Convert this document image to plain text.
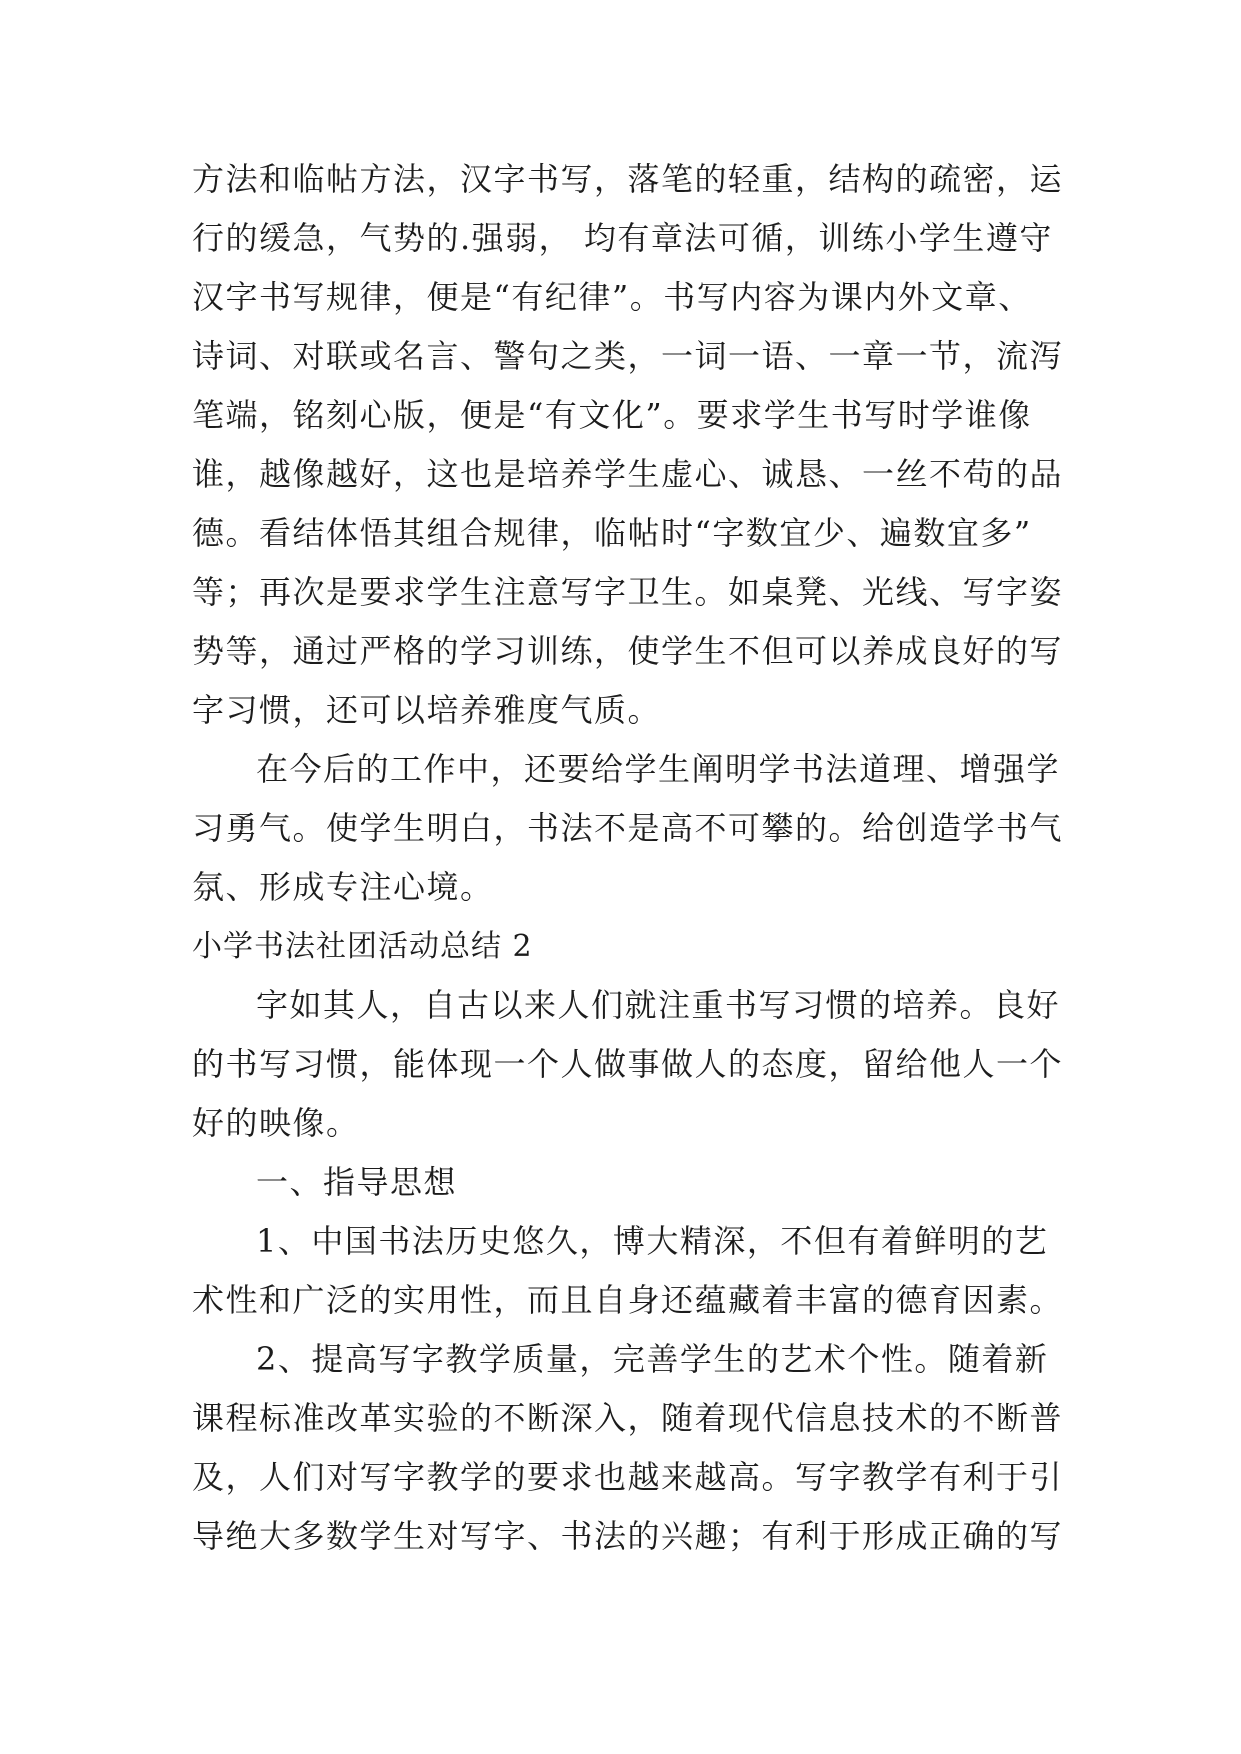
方法和临帖方法，汉字书写，落笔的轻重，结构的疏密，运
行的缓急，气势的.强弱， 均有章法可循，训练小学生遵守
汉字书写规律，便是“有纪律”。书写内容为课内外文章、
诗词、对联或名言、警句之类，一词一语、一章一节，流泻
笔端，铭刻心版，便是“有文化”。要求学生书写时学谁像
谁，越像越好，这也是培养学生虚心、诚恳、一丝不苟的品
德。看结体悟其组合规律，临帖时“字数宜少、遍数宜多”
等；再次是要求学生注意写字卫生。如桌凳、光线、写字姿
势等，通过严格的学习训练，使学生不但可以养成良好的写
字习惯，还可以培养雅度气质。
在今后的工作中，还要给学生阐明学书法道理、增强学
习勇气。使学生明白，书法不是高不可攀的。给创造学书气
氛、形成专注心境。
小学书法社团活动总结 2
字如其人，自古以来人们就注重书写习惯的培养。良好
的书写习惯，能体现一个人做事做人的态度，留给他人一个
好的映像。
一、指导思想
1、中国书法历史悠久，博大精深，不但有着鲜明的艺
术性和广泛的实用性，而且自身还蕴藏着丰富的德育因素。
2、提高写字教学质量，完善学生的艺术个性。随着新
课程标准改革实验的不断深入，随着现代信息技术的不断普
及，人们对写字教学的要求也越来越高。写字教学有利于引
导绝大多数学生对写字、书法的兴趣；有利于形成正确的写
